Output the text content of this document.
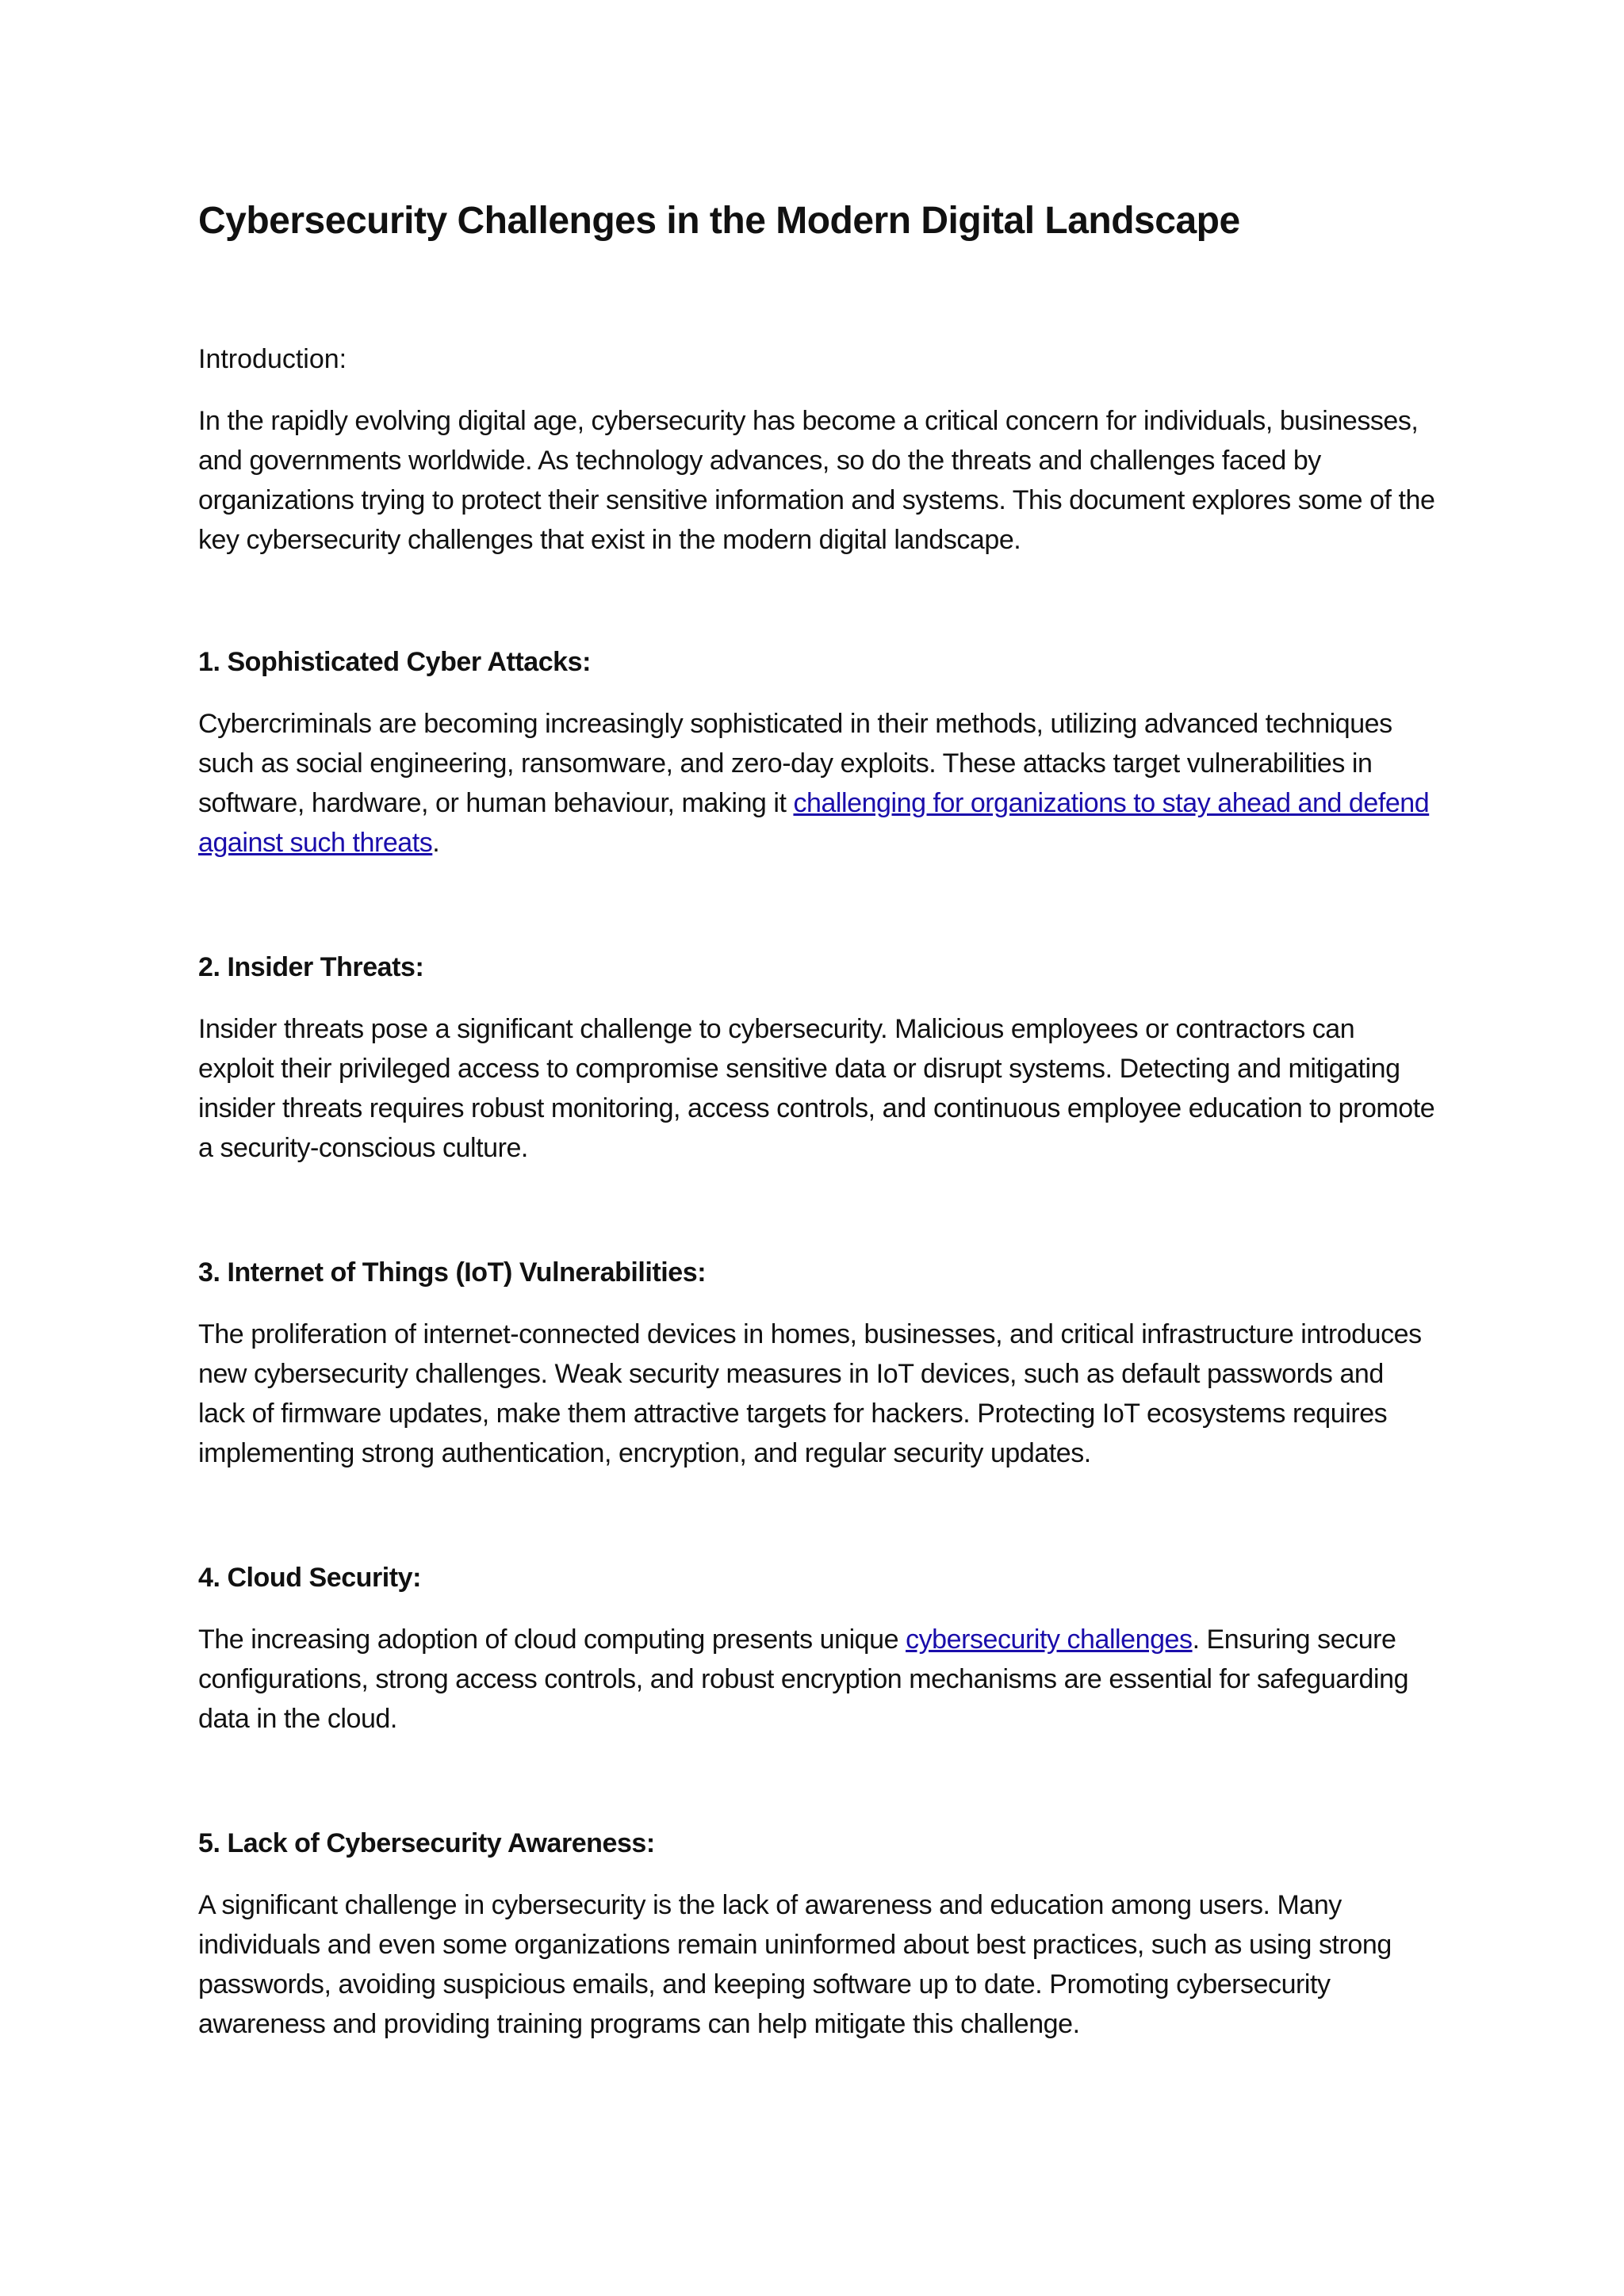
Cybersecurity Challenges in the Modern Digital Landscape

Introduction:

In the rapidly evolving digital age, cybersecurity has become a critical concern for individuals, businesses, and governments worldwide. As technology advances, so do the threats and challenges faced by organizations trying to protect their sensitive information and systems. This document explores some of the key cybersecurity challenges that exist in the modern digital landscape.

1. Sophisticated Cyber Attacks:

Cybercriminals are becoming increasingly sophisticated in their methods, utilizing advanced techniques such as social engineering, ransomware, and zero-day exploits. These attacks target vulnerabilities in software, hardware, or human behaviour, making it challenging for organizations to stay ahead and defend against such threats.

2. Insider Threats:

Insider threats pose a significant challenge to cybersecurity. Malicious employees or contractors can exploit their privileged access to compromise sensitive data or disrupt systems. Detecting and mitigating insider threats requires robust monitoring, access controls, and continuous employee education to promote a security-conscious culture.

3. Internet of Things (IoT) Vulnerabilities:

The proliferation of internet-connected devices in homes, businesses, and critical infrastructure introduces new cybersecurity challenges. Weak security measures in IoT devices, such as default passwords and lack of firmware updates, make them attractive targets for hackers. Protecting IoT ecosystems requires implementing strong authentication, encryption, and regular security updates.

4. Cloud Security:

The increasing adoption of cloud computing presents unique cybersecurity challenges. Ensuring secure configurations, strong access controls, and robust encryption mechanisms are essential for safeguarding data in the cloud.

5. Lack of Cybersecurity Awareness:

A significant challenge in cybersecurity is the lack of awareness and education among users. Many individuals and even some organizations remain uninformed about best practices, such as using strong passwords, avoiding suspicious emails, and keeping software up to date. Promoting cybersecurity awareness and providing training programs can help mitigate this challenge.
